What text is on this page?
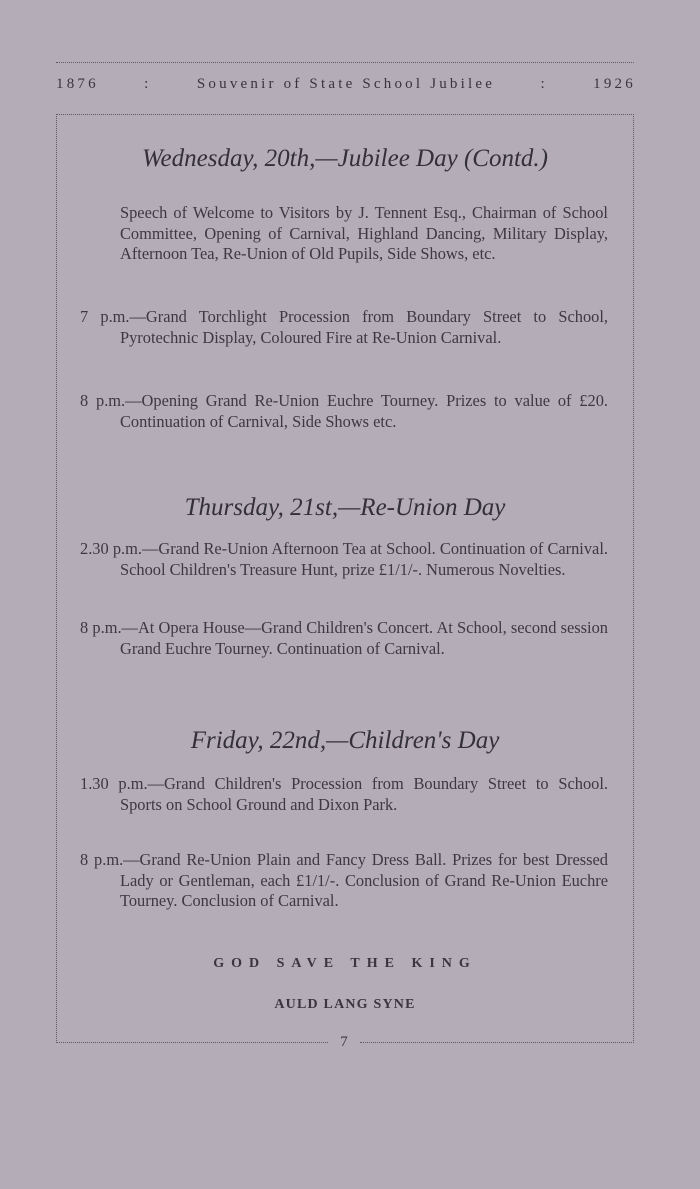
1876	:	Souvenir of State School Jubilee	:	1926
Wednesday, 20th,—Jubilee Day (Contd.)

Speech of Welcome to Visitors by J. Tennent Esq., Chairman of School Committee, Opening of Carnival, Highland Dancing, Military Display, Afternoon Tea, Re-Union of Old Pupils, Side Shows, etc.

7 p.m.—Grand Torchlight Procession from Boundary Street to School, Pyrotechnic Display, Coloured Fire at Re-Union Carnival.

8 p.m.—Opening Grand Re-Union Euchre Tourney. Prizes to value of £20. Continuation of Carnival, Side Shows etc.

Thursday, 21st,—Re-Union Day

2.30 p.m.—Grand Re-Union Afternoon Tea at School. Continuation of Carnival. School Children's Treasure Hunt, prize £1/1/-. Numerous Novelties.

8 p.m.—At Opera House—Grand Children's Concert. At School, second session Grand Euchre Tourney. Continuation of Carnival.

Friday, 22nd,—Children's Day

1.30 p.m.—Grand Children's Procession from Boundary Street to School. Sports on School Ground and Dixon Park.

8 p.m.—Grand Re-Union Plain and Fancy Dress Ball. Prizes for best Dressed Lady or Gentleman, each £1/1/-. Conclusion of Grand Re-Union Euchre Tourney. Conclusion of Carnival.

GOD SAVE THE KING
AULD LANG SYNE
7
